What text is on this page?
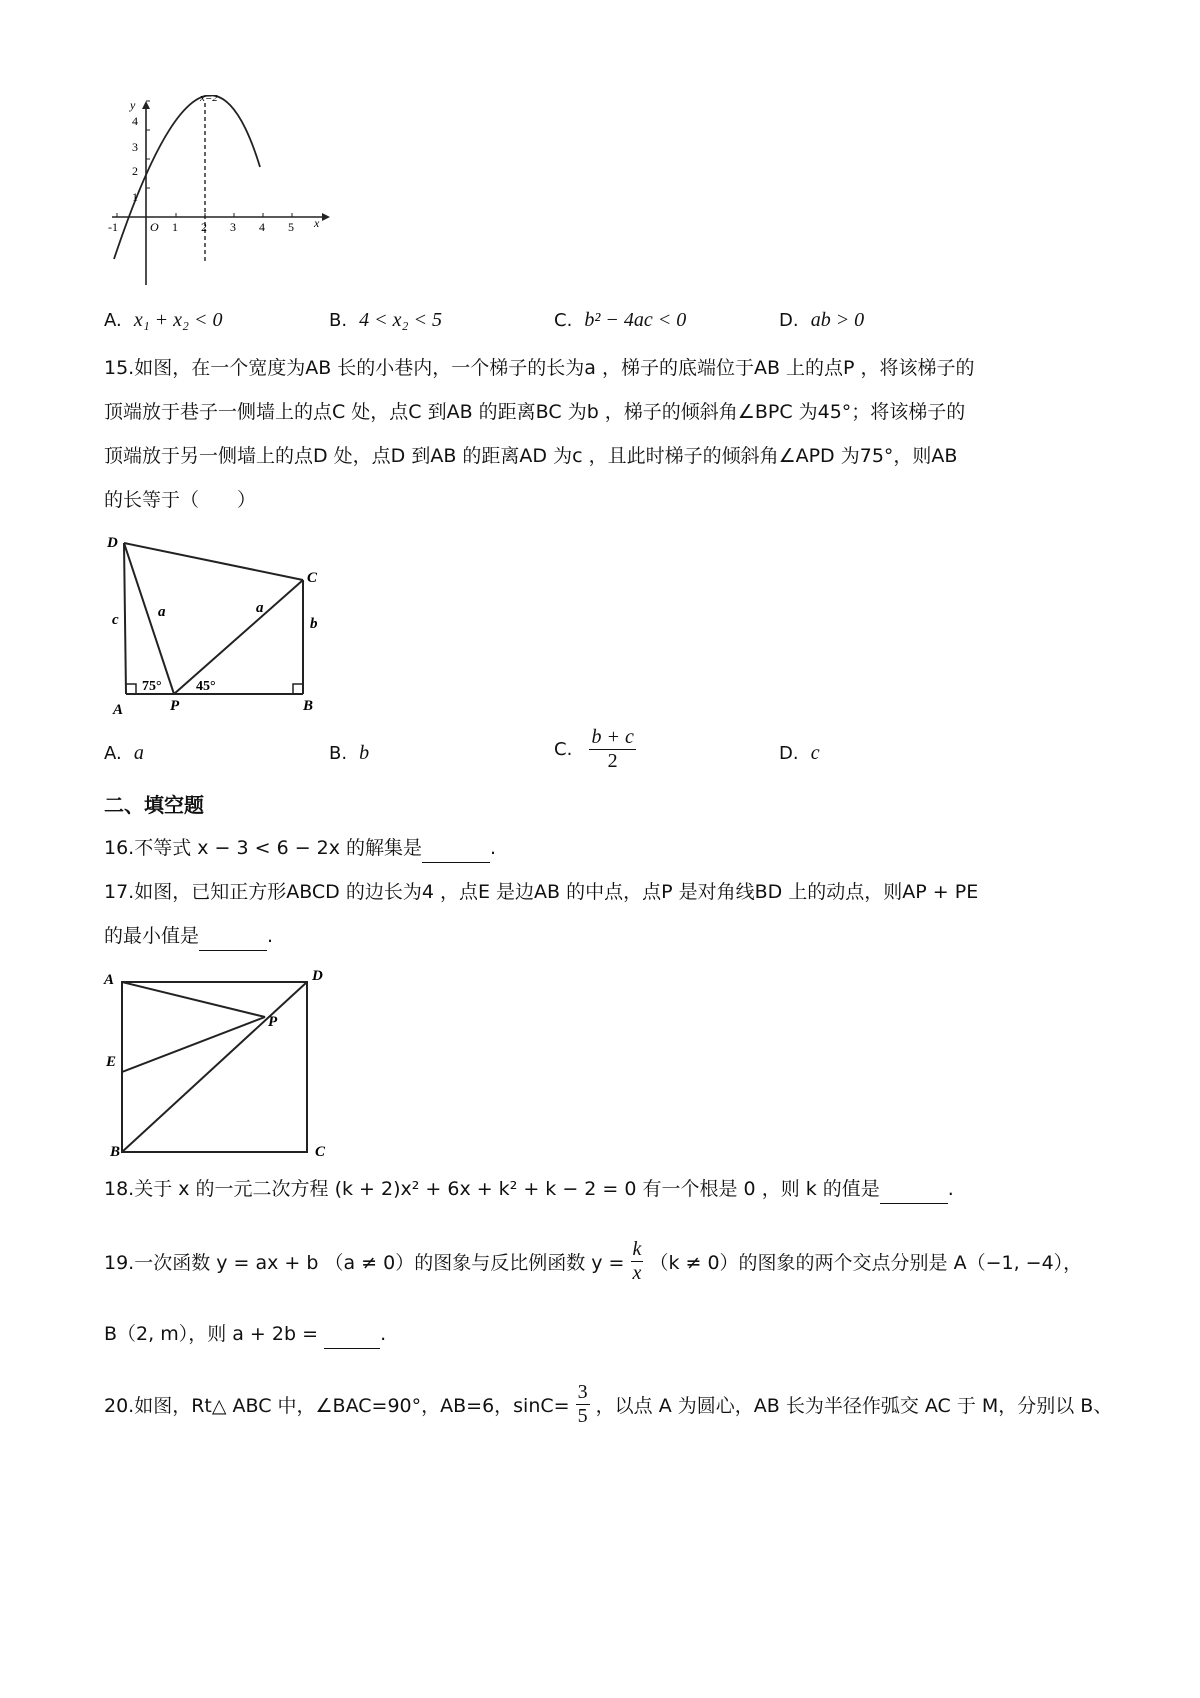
x=2
y
x
O
-1	1 2 3 4 5
1
2
3
4
A. x₁ + x₂ < 0	B. 4 < x₂ < 5	C. b² − 4ac < 0	D. ab > 0
15.如图，在一个宽度为AB 长的小巷内，一个梯子的长为a ，梯子的底端位于AB 上的点P ，将该梯子的
顶端放于巷子一侧墙上的点C 处，点C 到AB 的距离BC 为b ，梯子的倾斜角∠BPC 为45°；将该梯子的
顶端放于另一侧墙上的点D 处，点D 到AB 的距离AD 为c ，且此时梯子的倾斜角∠APD 为75°，则AB
的长等于（　　）
D
C
A	P	B
c	a	a
b
75° 45°
A. a	B. b	C. $\frac{b + c}{2}$	D. c
二、填空题
16.不等式 x − 3 < 6 − 2x 的解集是	.
17.如图，已知正方形ABCD 的边长为4 ，点E 是边AB 的中点，点P 是对角线BD 上的动点，则AP + PE
的最小值是	.
A	D
P
E
B	C
18.关于 x 的一元二次方程 (k + 2)x² + 6x + k² + k − 2 = 0 有一个根是 0 ，则 k 的值是	.
19.一次函数 y = ax + b （a ≠ 0）的图象与反比例函数 $y = \frac{k}{x} (k \ne 0)$的图象的两个交点分别是 A（−1, −4），
B（2, m），则 a + 2b =	.
20.如图，Rt△ ABC 中，∠BAC=90°，AB=6，$\sin C= \frac{3}{5}$ ，以点 A 为圆心，AB 长为半径作弧交 AC 于 M，分别以 B、
